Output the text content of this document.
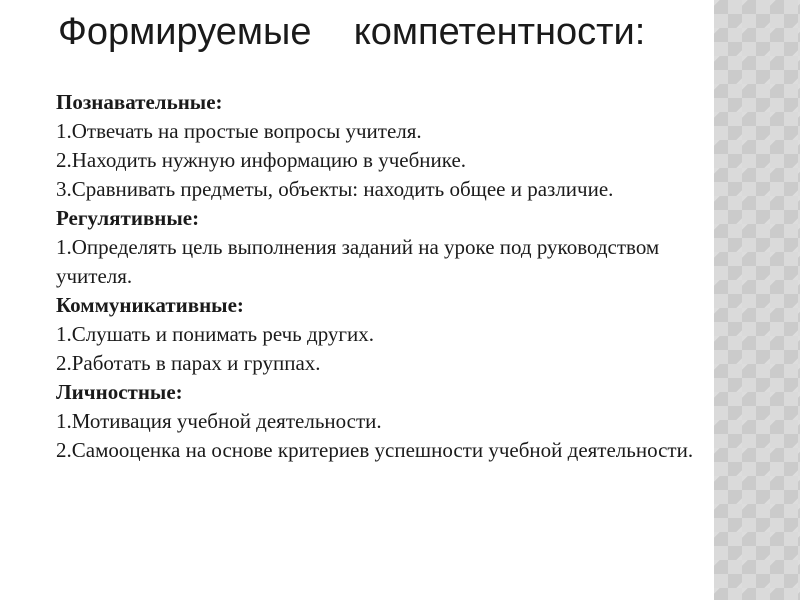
Формируемые    компетентности:

Познавательные:

1.Отвечать на простые вопросы учителя.

2.Находить нужную информацию в учебнике.

3.Сравнивать предметы, объекты: находить общее и различие.

Регулятивные:

1.Определять цель выполнения заданий на уроке под руководством учителя.

Коммуникативные:

1.Слушать и понимать речь других.

2.Работать в парах и группах.

Личностные:

1.Мотивация учебной деятельности.

2.Самооценка на основе критериев успешности учебной деятельности.
